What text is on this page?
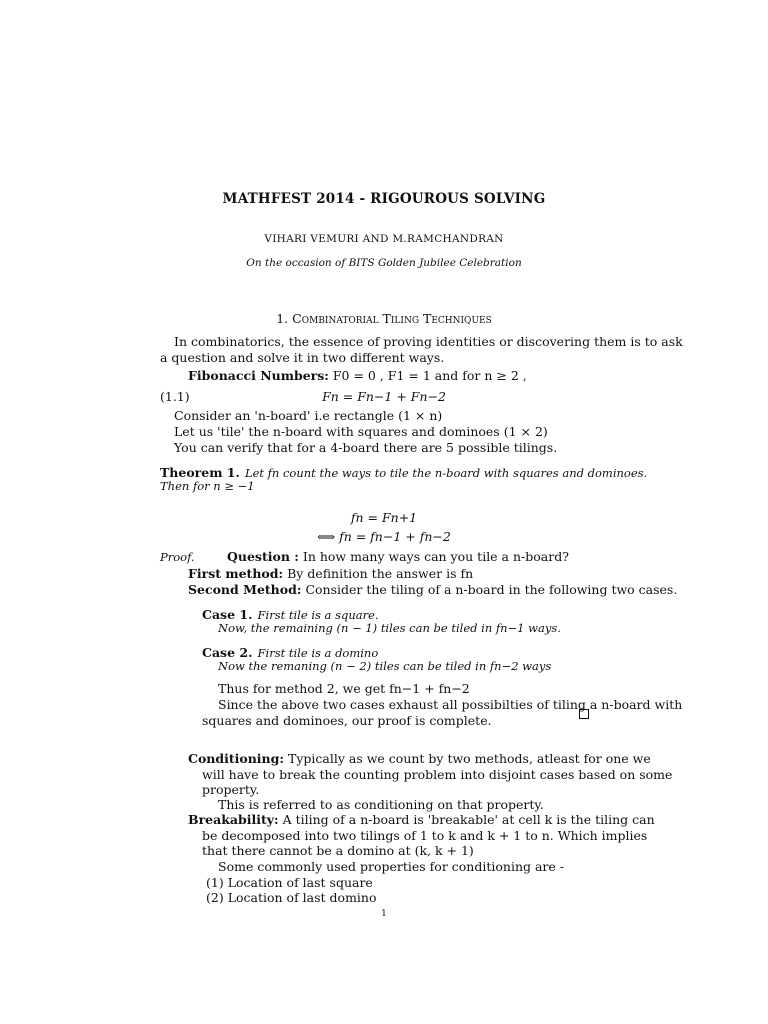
MATHFEST 2014 - RIGOUROUS SOLVING
VIHARI VEMURI AND M.RAMCHANDRAN
On the occasion of BITS Golden Jubilee Celebration
1. Combinatorial Tiling Techniques
In combinatorics, the essence of proving identities or discovering them is to ask
a question and solve it in two different ways.
Fibonacci Numbers: F0 = 0 , F1 = 1 and for n ≥ 2 ,
(1.1)	Fn = Fn−1 + Fn−2
Consider an 'n-board' i.e rectangle (1 × n)
Let us 'tile' the n-board with squares and dominoes (1 × 2)
You can verify that for a 4-board there are 5 possible tilings.
Theorem 1. Let fn count the ways to tile the n-board with squares and dominoes.
Then for n ≥ −1
fn = Fn+1
⟺ fn = fn−1 + fn−2
Proof.	Question : In how many ways can you tile a n-board?
First method: By definition the answer is fn
Second Method: Consider the tiling of a n-board in the following two cases.
Case 1. First tile is a square.
Now, the remaining (n − 1) tiles can be tiled in fn−1 ways.
Case 2. First tile is a domino
Now the remaning (n − 2) tiles can be tiled in fn−2 ways
Thus for method 2, we get fn−1 + fn−2
Since the above two cases exhaust all possibilties of tiling a n-board with
squares and dominoes, our proof is complete.
Conditioning: Typically as we count by two methods, atleast for one we
will have to break the counting problem into disjoint cases based on some
property.
This is referred to as conditioning on that property.
Breakability: A tiling of a n-board is 'breakable' at cell k is the tiling can
be decomposed into two tilings of 1 to k and k + 1 to n. Which implies
that there cannot be a domino at (k, k + 1)
Some commonly used properties for conditioning are -
(1) Location of last square
(2) Location of last domino
1
